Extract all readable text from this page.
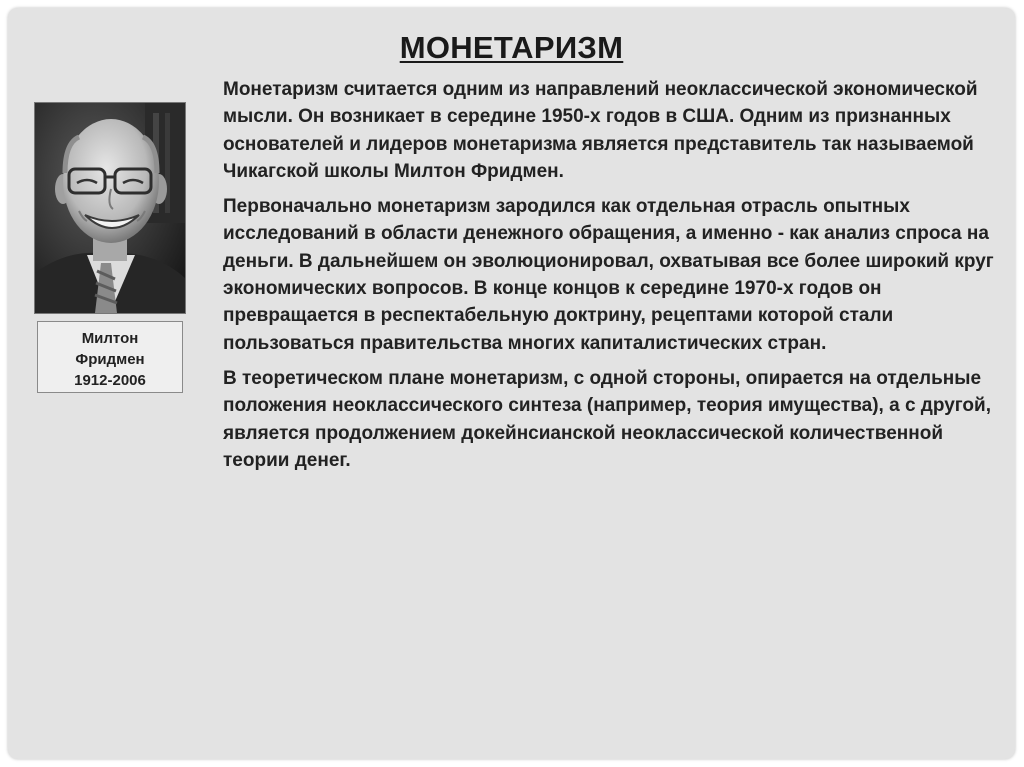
МОНЕТАРИЗМ
Милтон
Фридмен
1912-2006

Монетаризм считается одним из направлений неоклассической экономической мысли. Он возникает в середине 1950-х годов в США. Одним из признанных основателей и лидеров монетаризма является представитель так называемой Чикагской школы Милтон Фридмен.

Первоначально монетаризм зародился как отдельная отрасль опытных исследований в области денежного обращения, а именно - как анализ спроса на деньги. В дальнейшем он эволюционировал, охватывая все более широкий круг экономических вопросов. В конце концов к середине 1970-х годов он превращается в респектабельную доктрину, рецептами которой стали пользоваться правительства многих капиталистических стран.

В теоретическом плане монетаризм, с одной стороны, опирается на отдельные положения неоклассического синтеза (например, теория имущества), а с другой, является продолжением докейнсианской неоклассической количественной теории денег.
